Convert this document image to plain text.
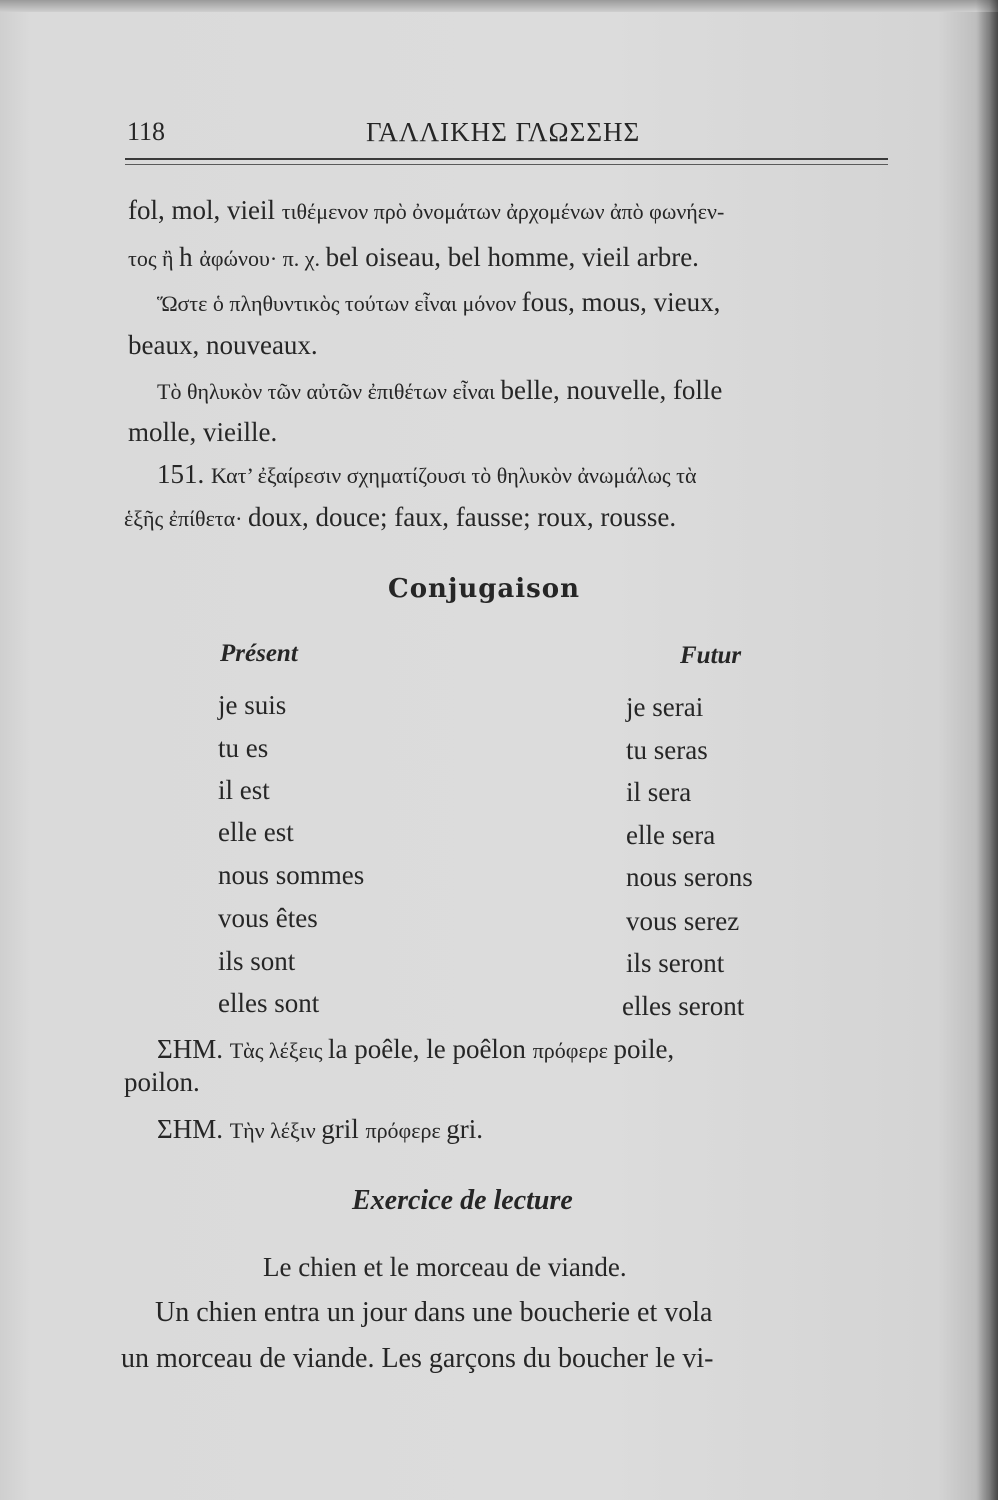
118	ΓΑΛΛΙΚΗΣ ΓΛΩΣΣΗΣ
fol, mol, vieil τιθέμενον πρὸ ὀνομάτων ἀρχομένων ἀπὸ φωνήεν-
τος ἢ h ἀφώνου· π. χ. bel oiseau, bel homme, vieil arbre.
Ὥστε ὁ πληθυντικὸς τούτων εἶναι μόνον fous, mous, vieux,
beaux, nouveaux.
Τὸ θηλυκὸν τῶν αὐτῶν ἐπιθέτων εἶναι belle, nouvelle, folle
molle, vieille.
151. Κατ’ ἐξαίρεσιν σχηματίζουσι τὸ θηλυκὸν ἀνωμάλως τὰ
ἑξῆς ἐπίθετα· doux, douce; faux, fausse; roux, rousse.
Conjugaison
Présent	Futur
je suis
tu es
il est
elle est
nous sommes
vous êtes
ils sont
elles sont
je serai
tu seras
il sera
elle sera
nous serons
vous serez
ils seront
elles seront
ΣΗΜ. Τὰς λέξεις la poêle, le poêlon πρόφερε poile,
poilon.
ΣΗΜ. Τὴν λέξιν gril πρόφερε gri.
Exercice de lecture
Le chien et le morceau de viande.
Un chien entra un jour dans une boucherie et vola
un morceau de viande. Les garçons du boucher le vi-
